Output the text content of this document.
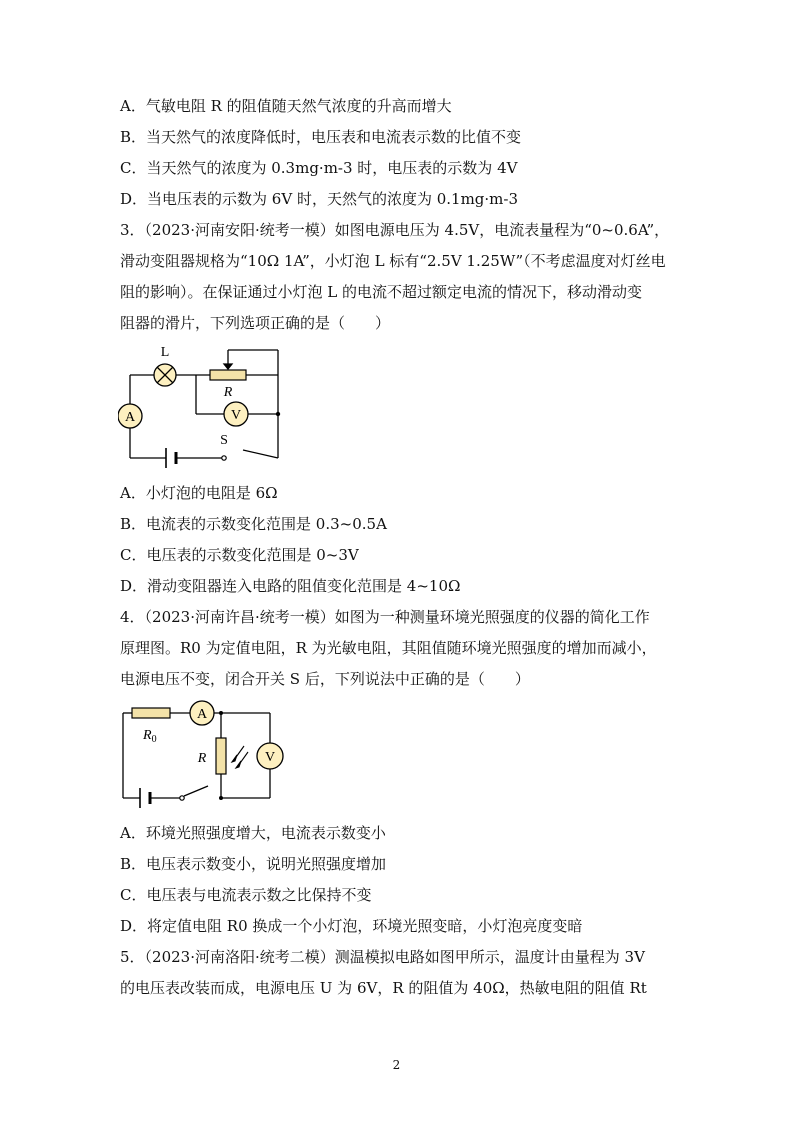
A．气敏电阻 R 的阻值随天然气浓度的升高而增大
B．当天然气的浓度降低时，电压表和电流表示数的比值不变
C．当天然气的浓度为 0.3mg·m-3 时，电压表的示数为 4V
D．当电压表的示数为 6V 时，天然气的浓度为 0.1mg·m-3
3．（2023·河南安阳·统考一模）如图电源电压为 4.5V，电流表量程为“0~0.6A”，
滑动变阻器规格为“10Ω 1A”，小灯泡 L 标有“2.5V 1.25W”（不考虑温度对灯丝电
阻的影响）。在保证通过小灯泡 L 的电流不超过额定电流的情况下，移动滑动变
阻器的滑片，下列选项正确的是（　　）
L
R
A	V
S
A．小灯泡的电阻是 6Ω
B．电流表的示数变化范围是 0.3~0.5A
C．电压表的示数变化范围是 0~3V
D．滑动变阻器连入电路的阻值变化范围是 4~10Ω
4．（2023·河南许昌·统考一模）如图为一种测量环境光照强度的仪器的简化工作
原理图。R0 为定值电阻，R 为光敏电阻，其阻值随环境光照强度的增加而减小，
电源电压不变，闭合开关 S 后，下列说法中正确的是（　　）
$R_0$
R
A
V
A．环境光照强度增大，电流表示数变小
B．电压表示数变小，说明光照强度增加
C．电压表与电流表示数之比保持不变
D．将定值电阻 R0 换成一个小灯泡，环境光照变暗，小灯泡亮度变暗
5．（2023·河南洛阳·统考二模）测温模拟电路如图甲所示，温度计由量程为 3V
的电压表改装而成，电源电压 U 为 6V，R 的阻值为 40Ω，热敏电阻的阻值 Rt
2
